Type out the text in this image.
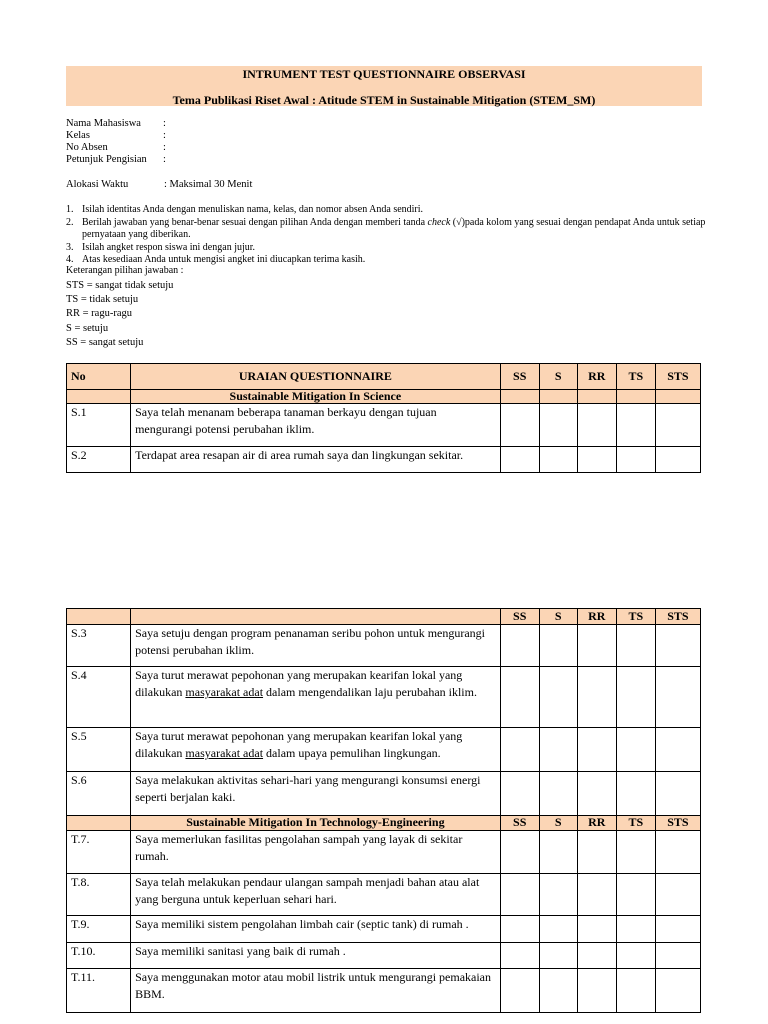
INTRUMENT TEST QUESTIONNAIRE OBSERVASI
Tema Publikasi Riset Awal : Atitude STEM in Sustainable Mitigation (STEM_SM)
Nama Mahasiswa :
Kelas	:
No Absen	:
Petunjuk Pengisian :
Alokasi Waktu	: Maksimal 30 Menit
1. Isilah identitas Anda dengan menuliskan nama, kelas, dan nomor absen Anda sendiri.
2. Berilah jawaban yang benar-benar sesuai dengan pilihan Anda dengan memberi tanda check (√)pada kolom yang sesuai dengan pendapat Anda untuk setiap pernyataan yang diberikan.
3. Isilah angket respon siswa ini dengan jujur.
4. Atas kesediaan Anda untuk mengisi angket ini diucapkan terima kasih.
Keterangan pilihan jawaban :
STS = sangat tidak setuju
TS = tidak setuju
RR = ragu-ragu
S = setuju
SS = sangat setuju
No	URAIAN QUESTIONNAIRE	SS	S	RR	TS	STS
	Sustainable Mitigation In Science					
S.1	Saya telah menanam beberapa tanaman berkayu dengan tujuan mengurangi potensi perubahan iklim.					
S.2	Terdapat area resapan air di area rumah saya dan lingkungan sekitar.					
		SS	S	RR	TS	STS
S.3	Saya setuju dengan program penanaman seribu pohon untuk mengurangi potensi perubahan iklim.					
S.4	Saya turut merawat pepohonan yang merupakan kearifan lokal yang dilakukan masyarakat adat dalam mengendalikan laju perubahan iklim.					
S.5	Saya turut merawat pepohonan yang merupakan kearifan lokal yang dilakukan masyarakat adat dalam upaya pemulihan lingkungan.					
S.6	Saya melakukan aktivitas sehari-hari yang mengurangi konsumsi energi seperti berjalan kaki.					
	Sustainable Mitigation In Technology-Engineering	SS	S	RR	TS	STS
T.7.	Saya memerlukan fasilitas pengolahan sampah yang layak di sekitar rumah.					
T.8.	Saya telah melakukan pendaur ulangan sampah menjadi bahan atau alat yang berguna untuk keperluan sehari hari.					
T.9.	Saya memiliki sistem pengolahan limbah cair (septic tank) di rumah .					
T.10.	Saya memiliki sanitasi yang baik di rumah .					
T.11.	Saya menggunakan motor atau mobil listrik untuk mengurangi pemakaian BBM.					
